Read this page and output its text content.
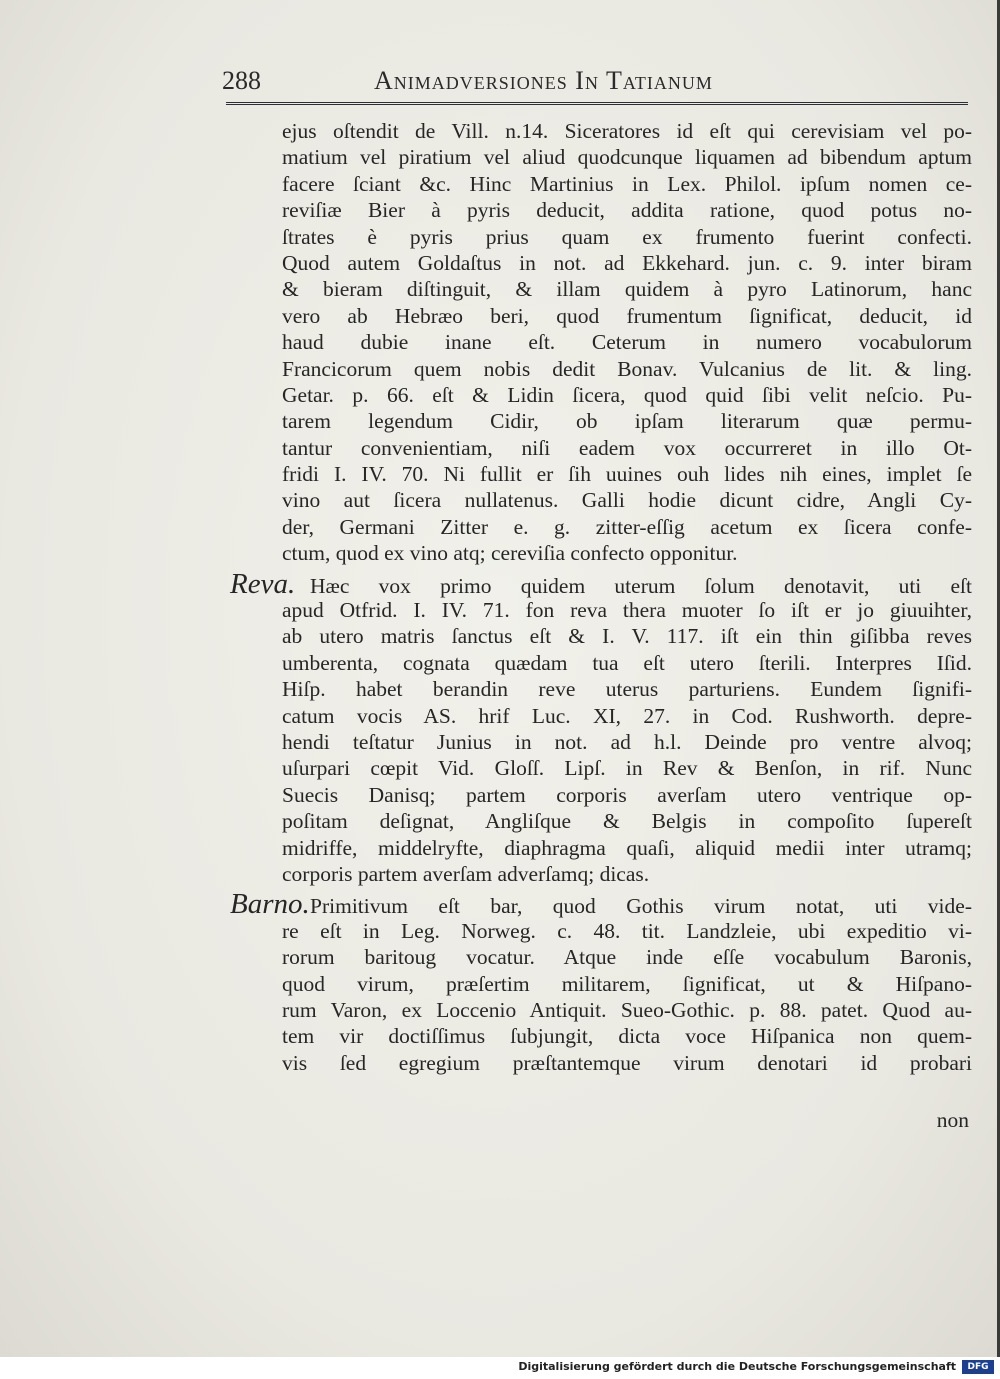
288	Animadversiones In Tatianum
ejus oſtendit de Vill. n.14. Siceratores id eſt qui cerevisiam vel po-
matium vel piratium vel aliud quodcunque liquamen ad bibendum aptum
facere ſciant &c. Hinc Martinius in Lex. Philol. ipſum nomen ce-
reviſiæ Bier à pyris deducit, addita ratione, quod potus no-
ſtrates è pyris prius quam ex frumento fuerint confecti.
Quod autem Goldaſtus in not. ad Ekkehard. jun. c. 9. inter biram
& bieram diſtinguit, & illam quidem à pyro Latinorum, hanc
vero ab Hebræo beri, quod frumentum ſignificat, deducit, id
haud dubie inane eſt. Ceterum in numero vocabulorum
Francicorum quem nobis dedit Bonav. Vulcanius de lit. & ling.
Getar. p. 66. eſt & Lidin ſicera, quod quid ſibi velit neſcio. Pu-
tarem legendum Cidir, ob ipſam literarum quæ permu-
tantur convenientiam, niſi eadem vox occurreret in illo Ot-
fridi I. IV. 70. Ni fullit er ſih uuines ouh lides nih eines, implet ſe
vino aut ſicera nullatenus. Galli hodie dicunt cidre, Angli Cy-
der, Germani Zitter e. g. zitter-eſſig acetum ex ſicera confe-
ctum, quod ex vino atq; cereviſia confecto opponitur.
Reva. Hæc vox primo quidem uterum ſolum denotavit, uti eſt
apud Otfrid. I. IV. 71. fon reva thera muoter ſo iſt er jo giuuihter,
ab utero matris ſanctus eſt & I. V. 117. iſt ein thin giſibba reves
umberenta, cognata quædam tua eſt utero ſterili. Interpres Iſid.
Hiſp. habet berandin reve uterus parturiens. Eundem ſignifi-
catum vocis AS. hrif Luc. XI, 27. in Cod. Rushworth. depre-
hendi teſtatur Junius in not. ad h.l. Deinde pro ventre alvoq;
uſurpari cœpit Vid. Gloſſ. Lipſ. in Rev & Benſon, in rif. Nunc
Suecis Danisq; partem corporis averſam utero ventrique op-
poſitam deſignat, Angliſque & Belgis in compoſito ſupereſt
midriffe, middelryfte, diaphragma quaſi, aliquid medii inter utramq;
corporis partem averſam adverſamq; dicas.
Barno.Primitivum eſt bar, quod Gothis virum notat, uti vide-
re eſt in Leg. Norweg. c. 48. tit. Landzleie, ubi expeditio vi-
rorum baritoug vocatur. Atque inde eſſe vocabulum Baronis,
quod virum, præſertim militarem, ſignificat, ut & Hiſpano-
rum Varon, ex Loccenio Antiquit. Sueo-Gothic. p. 88. patet. Quod au-
tem vir doctiſſimus ſubjungit, dicta voce Hiſpanica non quem-
vis ſed egregium præſtantemque virum denotari id probari
non
Digitalisierung gefördert durch die Deutsche Forschungsgemeinschaft	DFG
